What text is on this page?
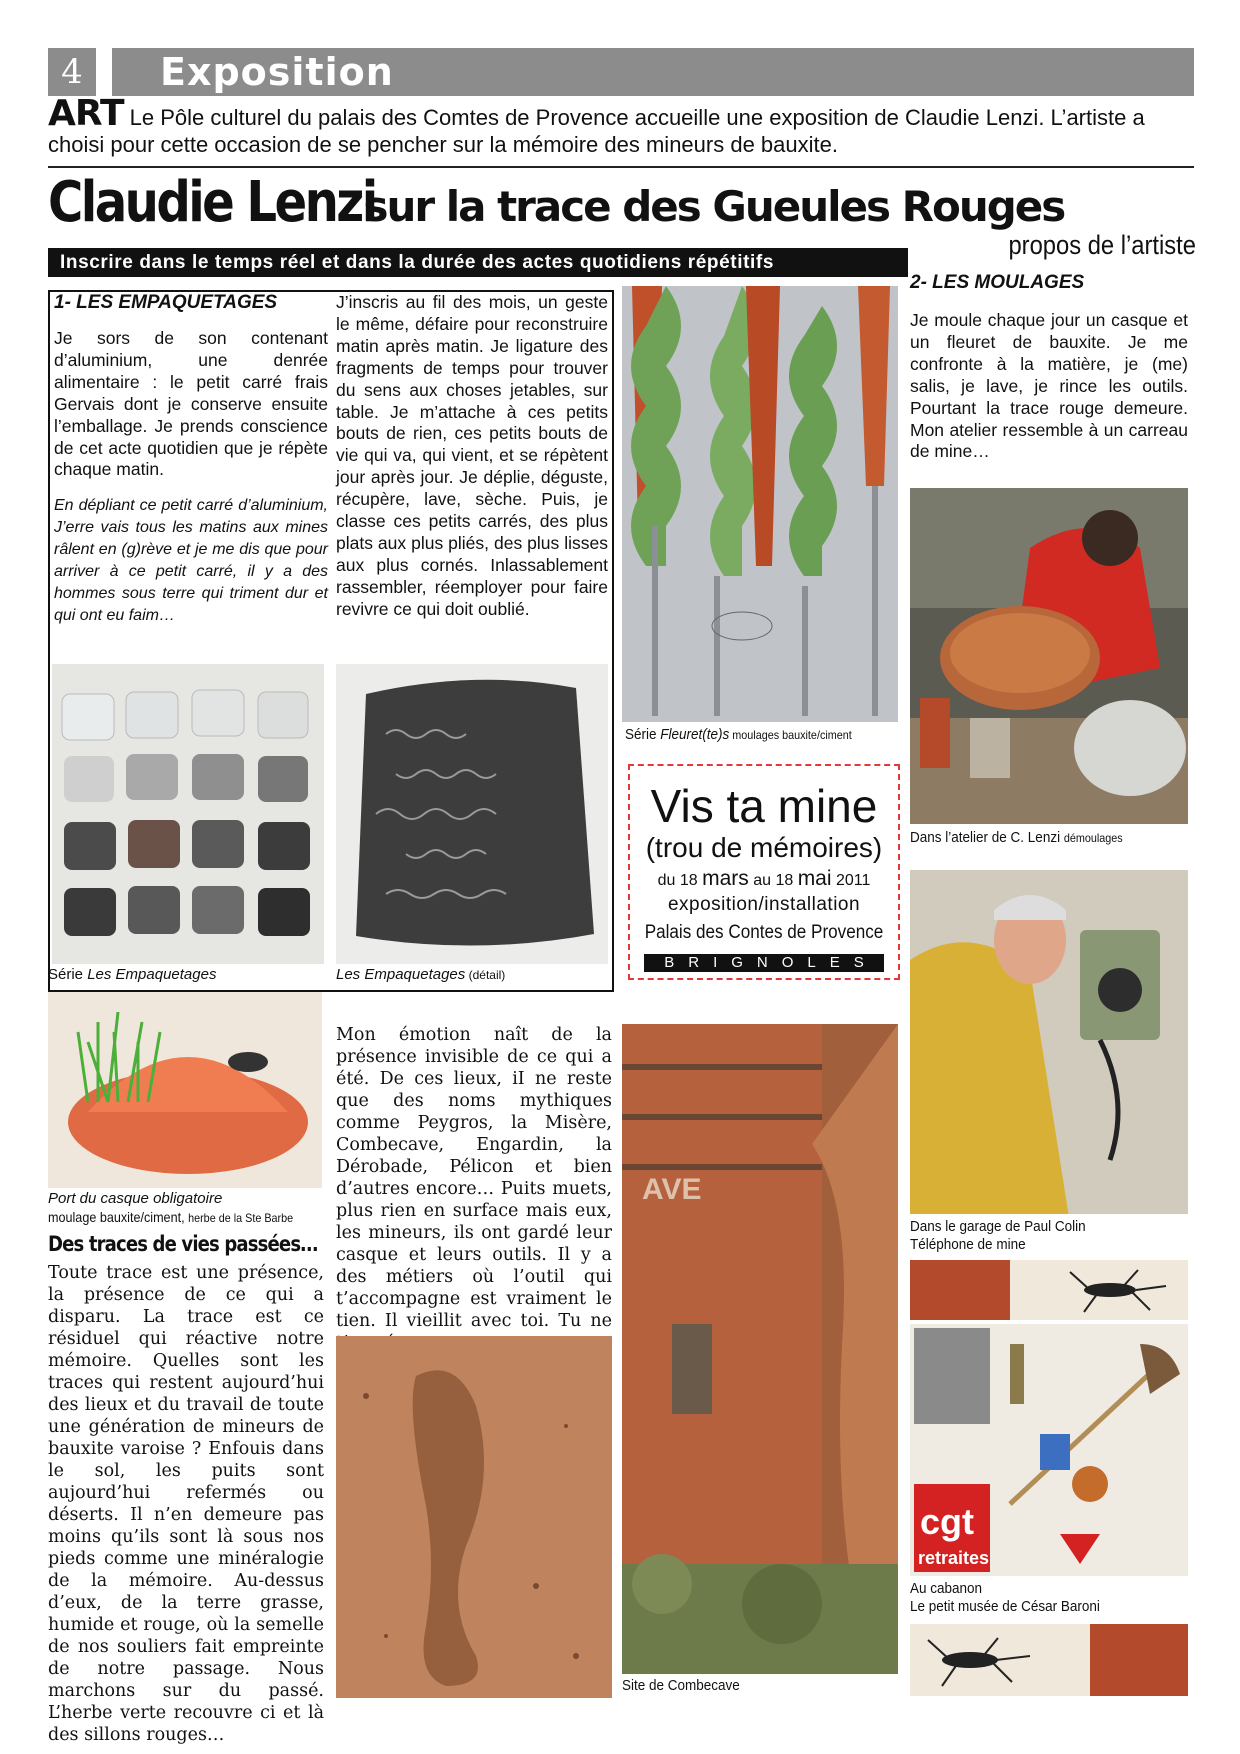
4	Exposition
ART Le Pôle culturel du palais des Comtes de Provence accueille une exposition de Claudie Lenzi. L’artiste a choisi pour cette occasion de se pencher sur la mémoire des mineurs de bauxite.
Claudie Lenzi sur la trace des Gueules Rouges
Inscrire dans le temps réel et dans la durée des actes quotidiens répétitifs
propos de l’artiste
1- LES EMPAQUETAGES
Je sors de son contenant d’aluminium, une denrée alimentaire : le petit carré frais Gervais dont je conserve ensuite l’emballage. Je prends conscience de cet acte quotidien que je répète chaque matin.
En dépliant ce petit carré d’aluminium, J’erre vais tous les matins aux mines râlent en (g)rève et je me dis que pour arriver à ce petit carré, il y a des hommes sous terre qui triment dur et qui ont eu faim…
J’inscris au fil des mois, un geste le même, défaire pour reconstruire matin après matin. Je ligature des fragments de temps pour trouver du sens aux choses jetables, sur table. Je m’attache à ces petits bouts de rien, ces petits bouts de vie qui va, qui vient, et se répètent jour après jour. Je déplie, déguste, récupère, lave, sèche. Puis, je classe ces petits carrés, des plus plats aux plus pliés, des plus lisses aux plus cornés. Inlassablement rassembler, réemployer pour faire revivre ce qui doit oublié.
Série Les Empaquetages	Les Empaquetages (détail)
Série Fleuret(te)s moulages bauxite/ciment
Vis ta mine
(trou de mémoires)
du 18 mars au 18 mai 2011
exposition/installation
Palais des Contes de Provence
BRIGNOLES
2- LES MOULAGES
Je moule chaque jour un casque et un fleuret de bauxite. Je me confronte à la matière, je (me) salis, je lave, je rince les outils. Pourtant la trace rouge demeure. Mon atelier ressemble à un carreau de mine…
Dans l’atelier de C. Lenzi démoulages
Dans le garage de Paul Colin
Téléphone de mine
cgt
retraites
Au cabanon
Le petit musée de César Baroni
Port du casque obligatoire
moulage bauxite/ciment, herbe de la Ste Barbe
Des traces de vies passées…
Toute trace est une présence, la présence de ce qui a disparu. La trace est ce résiduel qui réactive notre mémoire. Quelles sont les traces qui restent aujourd’hui des lieux et du travail de toute une génération de mineurs de bauxite varoise ? Enfouis dans le sol, les puits sont aujourd’hui refermés ou déserts. Il n’en demeure pas moins qu’ils sont là sous nos pieds comme une minéralogie de la mémoire. Au-dessus d’eux, de la terre grasse, humide et rouge, où la semelle de nos souliers fait empreinte de notre passage. Nous marchons sur du passé. L’herbe verte recouvre ci et là des sillons rouges…
Mon émotion naît de la présence invisible de ce qui a été. De ces lieux, iI ne reste que des noms mythiques comme Peygros, la Misère, Combecave, Engardin, la Dérobade, Pélicon et bien d’autres encore… Puits muets, plus rien en surface mais eux, les mineurs, ils ont gardé leur casque et leurs outils. Il y a des métiers où l’outil qui t’accompagne est vraiment le tien. Il vieillit avec toi. Tu ne
AVE
Site de Combecave
